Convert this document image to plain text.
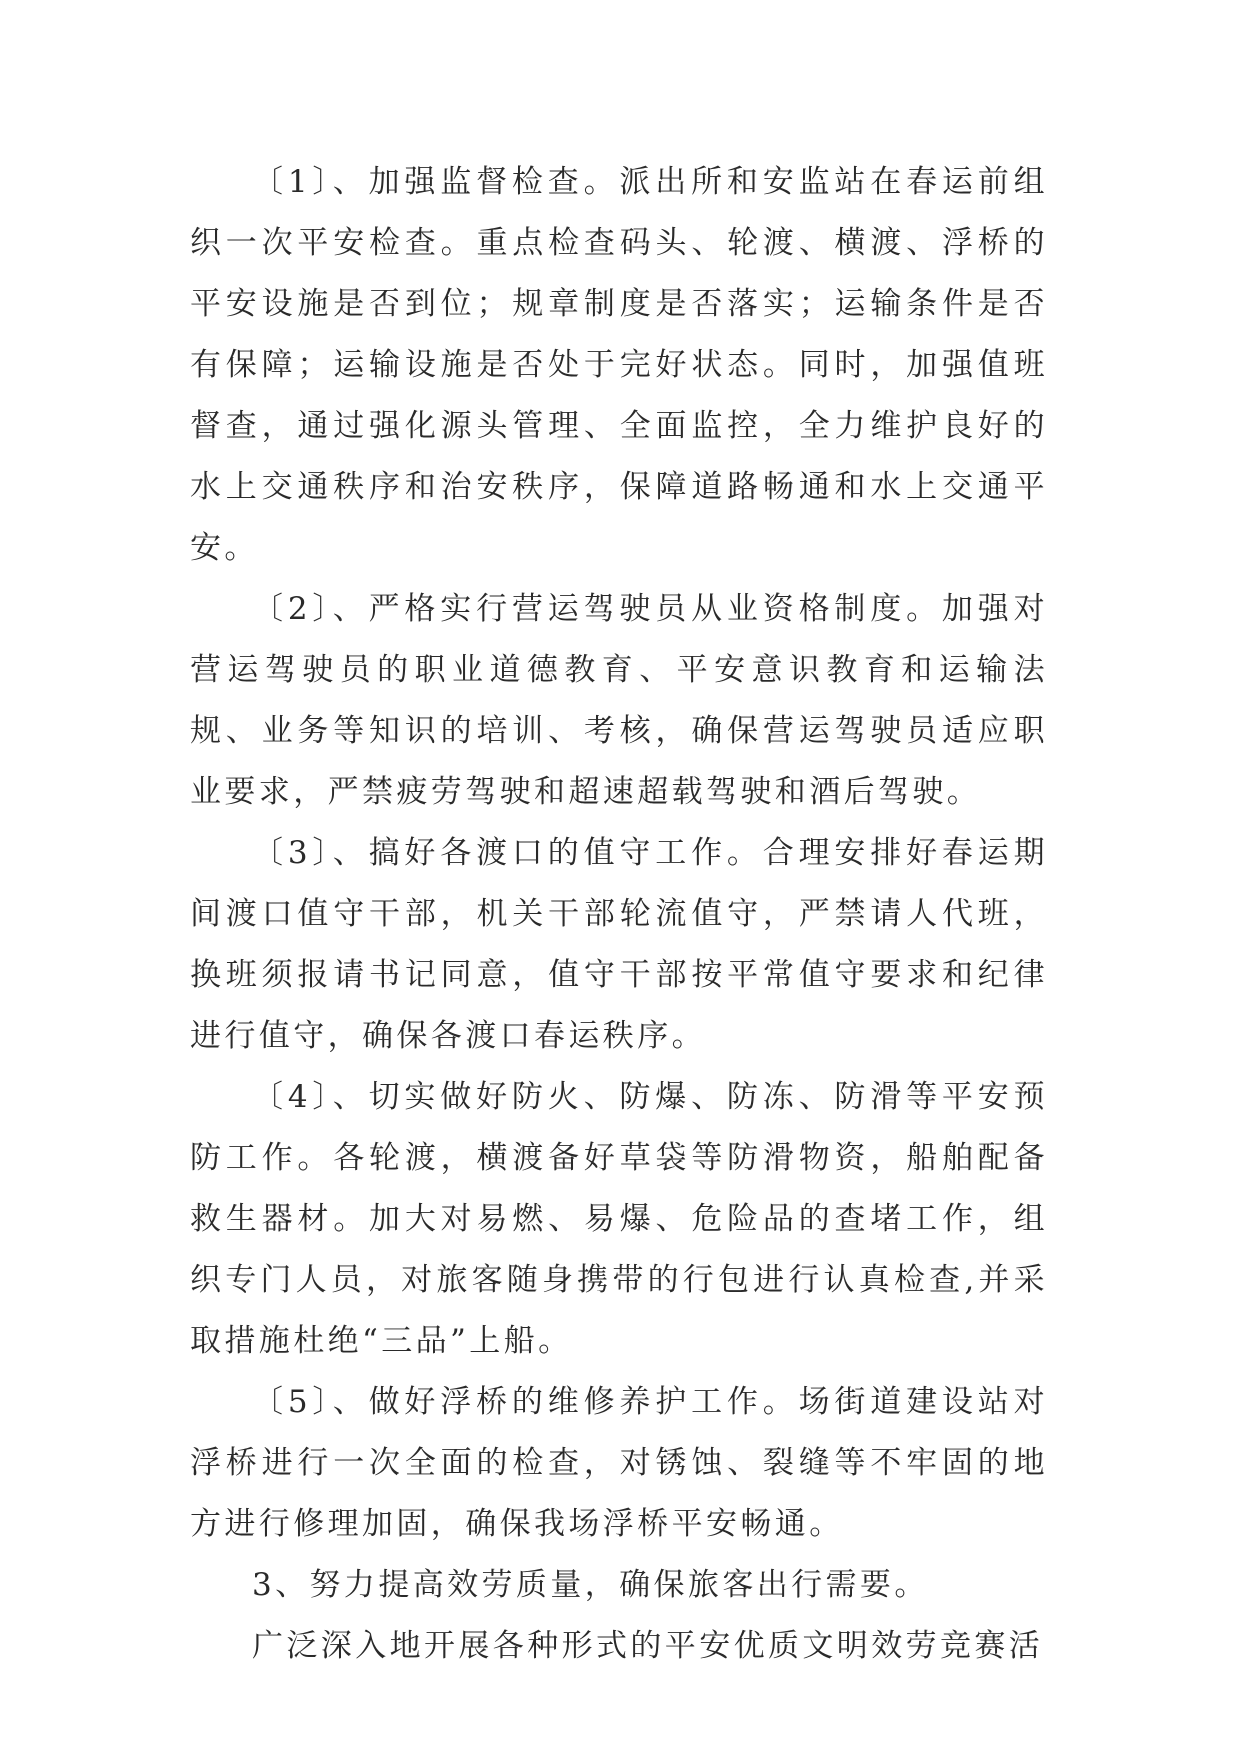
〔1〕、加强监督检查。派出所和安监站在春运前组织一次平安检查。重点检查码头、轮渡、横渡、浮桥的平安设施是否到位；规章制度是否落实；运输条件是否有保障；运输设施是否处于完好状态。同时，加强值班督查，通过强化源头管理、全面监控，全力维护良好的水上交通秩序和治安秩序，保障道路畅通和水上交通平安。

〔2〕、严格实行营运驾驶员从业资格制度。加强对营运驾驶员的职业道德教育、平安意识教育和运输法规、业务等知识的培训、考核，确保营运驾驶员适应职业要求，严禁疲劳驾驶和超速超载驾驶和酒后驾驶。

〔3〕、搞好各渡口的值守工作。合理安排好春运期间渡口值守干部，机关干部轮流值守，严禁请人代班，换班须报请书记同意，值守干部按平常值守要求和纪律进行值守，确保各渡口春运秩序。

〔4〕、切实做好防火、防爆、防冻、防滑等平安预防工作。各轮渡，横渡备好草袋等防滑物资，船舶配备救生器材。加大对易燃、易爆、危险品的查堵工作，组织专门人员，对旅客随身携带的行包进行认真检查,并采取措施杜绝“三品”上船。

〔5〕、做好浮桥的维修养护工作。场街道建设站对浮桥进行一次全面的检查，对锈蚀、裂缝等不牢固的地方进行修理加固，确保我场浮桥平安畅通。

3、努力提高效劳质量，确保旅客出行需要。

广泛深入地开展各种形式的平安优质文明效劳竞赛活
